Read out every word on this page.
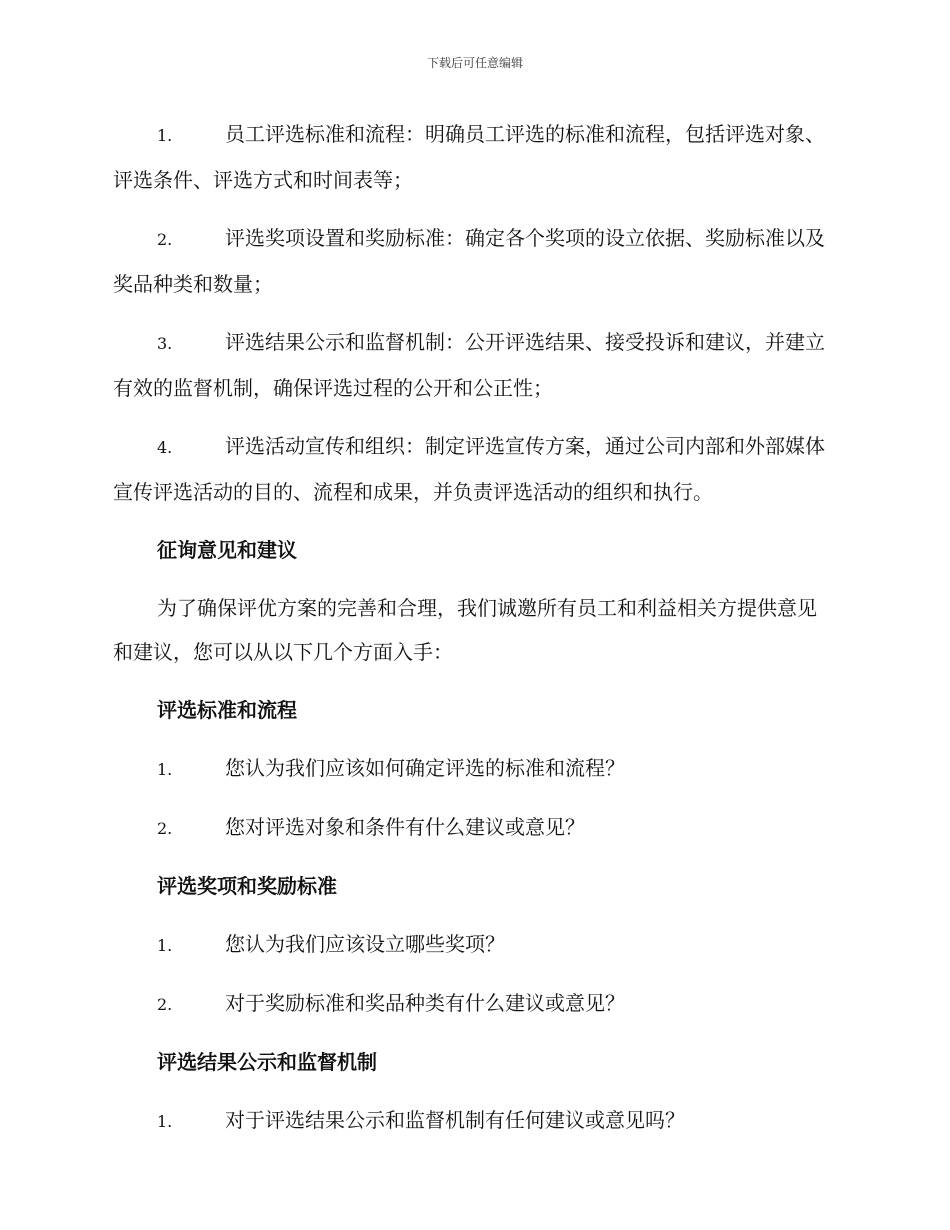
下载后可任意编辑
1.	员工评选标准和流程：明确员工评选的标准和流程，包括评选对象、评选条件、评选方式和时间表等；
2.	评选奖项设置和奖励标准：确定各个奖项的设立依据、奖励标准以及奖品种类和数量；
3.	评选结果公示和监督机制：公开评选结果、接受投诉和建议，并建立有效的监督机制，确保评选过程的公开和公正性；
4.	评选活动宣传和组织：制定评选宣传方案，通过公司内部和外部媒体宣传评选活动的目的、流程和成果，并负责评选活动的组织和执行。
征询意见和建议
为了确保评优方案的完善和合理，我们诚邀所有员工和利益相关方提供意见和建议，您可以从以下几个方面入手：
评选标准和流程
1.	您认为我们应该如何确定评选的标准和流程？
2.	您对评选对象和条件有什么建议或意见？
评选奖项和奖励标准
1.	您认为我们应该设立哪些奖项？
2.	对于奖励标准和奖品种类有什么建议或意见？
评选结果公示和监督机制
1.	对于评选结果公示和监督机制有任何建议或意见吗？
